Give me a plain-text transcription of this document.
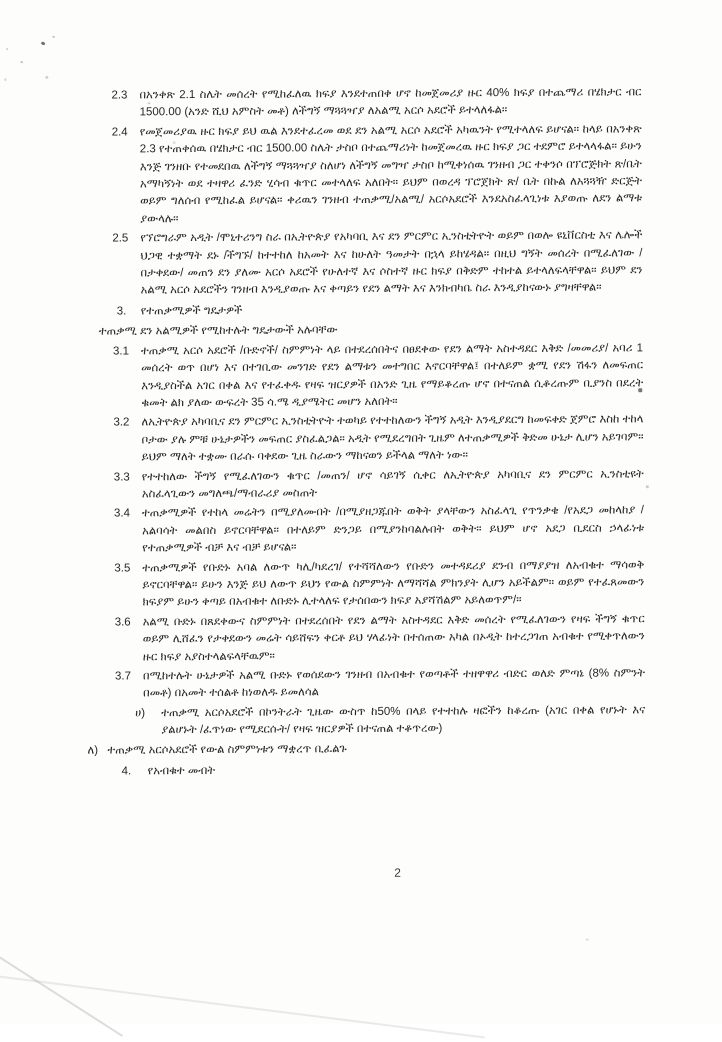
2.3	በአንቀጽ 2.1 ስሌት መሰረት የሚከፈለዉ ክፍያ እንደተጠበቀ ሆኖ ከመጀመሪያ ዙር 40% ክፍያ በተጨማሪ በሄክታር ብር 1500.00 (አንድ ሺህ አምስት መቶ) ለችግኝ ማጓጓዣያ ለአልሚ አርሶ አደሮች ይተላለፋል።
2.4	የመጀመሪያዉ ዙር ክፍያ ይህ ዉል እንደተፈረመ ወደ ደን አልሚ አርሶ አደሮች አካዉንት የሚተላለፍ ይሆናል። ከላይ በአንቀጽ 2.3 የተጠቀሰዉ በሄክታር ብር 1500.00 ስሌት ታስቦ በተጨማሪነት ከመጀመረዉ ዙር ክፍያ ጋር ተደምሮ ይተላላፋል። ይሁን እንጅ ገንዘቡ የተመደበዉ ለችግኝ ማጓጓዣያ ስለሆነ ለችግኝ መግዣ ታስቦ ከሚቀነሰዉ ገንዘብ ጋር ተቀንሶ በፕሮጅክት ጽ/ቤት አማካኝነት ወደ ተዛዋሪ ፈንድ ሂሳብ ቁጥር መተላለፍ አለበት። ይህም በወረዳ ፕሮጀክት ጽ/ ቤት በኩል ለአጓጓዥ ድርጅት ወይም ግለሰብ የሚከፈል ይሆናል። ቀሪዉን ገንዘብ ተጠቃሚ/አልሚ/ አርሶአደሮች እንደአስፈላጊነቱ እያወጡ ለደን ልማቱ ያውላሉ።
2.5	የኘሮግራም አዲት /ሞኒተሪንግ ስራ በኢትዮጵያ የአካባቢ እና ደን ምርምር ኢንስቲትዮት ወይም በወሎ ዩኒቨርስቲ እና ሌሎች ህጋዊ ተቋማት ደኑ /ችግኙ/ ከተተከለ ከአመት እና ከሁለት ዓመታት በኋላ ይከሄዳል። በዚህ ግኝት መሰረት በሚፈለገው /በታቀደው/ መጠን ደን ያለሙ አርሶ አደሮች የሁለተኛ እና ሶስተኛ ዙር ክፍያ በቅድም ተከተል ይተላለፍላቸዋል። ይህም ደን አልሚ አርሶ አደሮችን ገንዘብ እንዲያወጡ እና ቀጣይን የደን ልማት እና እንክብካቤ ስራ እንዲያከናውኑ ያግዛቸዋል።
3.	የተጠቃሚዎች ግዴታዎች
ተጠቃሚ ደን አልሚዎች የሚከተሉት ግዴታውች አሉባቸው
3.1	ተጠቃሚ አርሶ አደሮች /ቡድኖች/ ስምምነት ላይ በተደረሰበትና በፀደቀው የደን ልማት አስተዳደር እቅድ /መመሪያ/ አባሪ 1 መሰረት ወጥ በሆነ እና በተገቢው መንገድ የደን ልማቱን መተግበር እኖርባቸዋል፤ በተለይም ቋሚ የደን ሽፋን ለመፍጠር እንዲያስችል አገር በቀል እና የተፈቀዱ የዛፍ ዝርያዎች በአንድ ጊዜ የማይቆረጡ ሆኖ በተናጠል ሲቆረጡም ቢያንስ በደረት ቁመት ልክ ያለው ውፍረት 35 ሳ.ሜ ዲያሜትር መሆን አለበት።
3.2	ለኢትዮጵያ አካባቢና ደን ምርምር ኢንስቲትዮት ተወካይ የተተከለውን ችግኝ አዲት እንዲያደርግ ከመፍቀድ ጀምሮ እስከ ተከላ ቦታው ያሉ ምቹ ሁኔታዎችን መፍጠር ያስፈልጋል። አዲት የሚደረግበት ጊዜም ለተጠቃሚዎች ቅድመ ሁኔታ ሊሆን አይገባም። ይህም ማለት ተቋሙ በራሱ ባቀደው ጊዜ ስራውን ማከናወን ይችላል ማለት ነው።
3.3	የተተከለው ችግኝ የሚፈለገውን ቁጥር /መጠን/ ሆኖ ሳይገኝ ሲቀር ለኢትዮጵያ አካባቢና ደን ምርምር ኢንስቲዩት አስፈላጊውን መግለጫ/ማብራሪያ መስጠት
3.4	ተጠቃሚዎች የተከላ መሬትን በሚያለሙበት /በሚያዘጋጁበት ወቅት ያላቸውን አስፈላጊ የጥንቃቄ /የአደጋ መከላከያ / አልባሳት መልበስ ይኖርባቸዋል። በተለይም ድንጋይ በሚያንከባልሉበት ወቅት። ይህም ሆኖ አደጋ ቢደርስ ኃላፊነቱ የተጠቃሚዎች ብቻ እና ብቻ ይሆናል።
3.5	ተጠቃሚዎች የቡድኑ አባል ለውጥ ካሊ/ካደረገ/ የተሻሻለውን የቡድን መተዳደሪያ ደንብ በማያያዝ ለአብቁተ ማሳወቅ ይኖርባቸዋል። ይሁን እንጅ ይህ ለውጥ ይህን የውል ስምምነት ለማሻሻል ምክንያት ሊሆን አይችልም። ወይም የተፈጸመውን ክፍያም ይሁን ቀጣይ በአብቁተ ለቡድኑ ሊተላለፍ የታሰበውን ክፍያ አያሻሽልም አይለወጥም/።
3.6	አልሚ ቡድኑ በጸደቀውና ስምምነት በተደረሰበት የደን ልማት አስተዳደር እቅድ መሰረት የሚፈለገውን የዛፍ ችግኝ ቁጥር ወይም ሊሸፈን የታቀደውን መሬት ሳይሸፍን ቀርቶ ይህ ሃላፊነት በተሰጠው አካል በኦዲት ከተረጋገጠ አብቁተ የሚቀጥለውን ዙር ክፍያ አያስተላልፍላቸዉም።
3.7	በሚከተሉት ሁኔታዎች አልሚ ቡድኑ የወሰደውን ገንዘብ በአብቁተ የወጣቶች ተዘዋዋሪ ብድር ወለድ ምጣኔ (8% ስምንት በመቶ) በአመት ተሰልቶ ከነወለዱ ይመለሳል
ሀ)	ተጠቃሚ አርሶአደሮች በኮንትራት ጊዜው ውስጥ ከ50% በላይ የተተከሉ ዛፎችን ከቆረጡ (አገር በቀል የሆኑት እና ያልሆኑት /ፈጥነው የሚደርሱት/ የዛፍ ዝርያዎች በተናጠል ተቆጥረው)
ለ) ተጠቃሚ አርሶአደሮች የውል ስምምነቱን ማቋረጥ ቢፈልጉ
4.	የአብቁተ መብት
2
